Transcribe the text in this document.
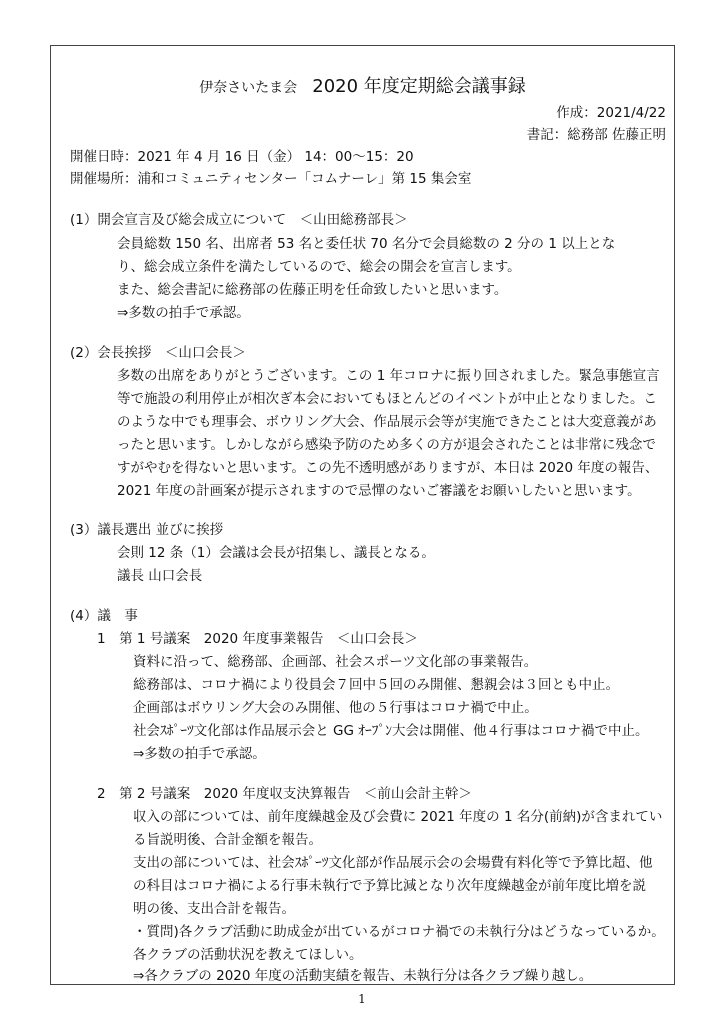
伊奈さいたま会 2020 年度定期総会議事録
作成：2021/4/22
書記：総務部 佐藤正明
開催日時：2021 年 4 月 16 日（金） 14：00～15：20
開催場所：浦和コミュニティセンター「コムナーレ」第 15 集会室
(1）開会宣言及び総会成立について　＜山田総務部長＞
会員総数 150 名、出席者 53 名と委任状 70 名分で会員総数の 2 分の 1 以上とな
り、総会成立条件を満たしているので、総会の開会を宣言します。
また、総会書記に総務部の佐藤正明を任命致したいと思います。
⇒多数の拍手で承認。
(2）会長挨拶　＜山口会長＞
多数の出席をありがとうございます。この 1 年コロナに振り回されました。緊急事態宣言
等で施設の利用停止が相次ぎ本会においてもほとんどのイベントが中止となりました。こ
のような中でも理事会、ボウリング大会、作品展示会等が実施できたことは大変意義があ
ったと思います。しかしながら感染予防のため多くの方が退会されたことは非常に残念で
すがやむを得ないと思います。この先不透明感がありますが、本日は 2020 年度の報告、
2021 年度の計画案が提示されますので忌憚のないご審議をお願いしたいと思います。
(3）議長選出 並びに挨拶
会則 12 条（1）会議は会長が招集し、議長となる。
議長 山口会長
(4）議　事
1　第 1 号議案　2020 年度事業報告　＜山口会長＞
資料に沿って、総務部、企画部、社会スポーツ文化部の事業報告。
総務部は、コロナ禍により役員会７回中５回のみ開催、懇親会は３回とも中止。
企画部はボウリング大会のみ開催、他の５行事はコロナ禍で中止。
社会ｽﾎﾟｰﾂ文化部は作品展示会と GG ｵｰﾌﾟﾝ大会は開催、他４行事はコロナ禍で中止。
⇒多数の拍手で承認。
2　第 2 号議案　2020 年度収支決算報告　＜前山会計主幹＞
収入の部については、前年度繰越金及び会費に 2021 年度の 1 名分(前納)が含まれてい
る旨説明後、合計金額を報告。
支出の部については、社会ｽﾎﾟｰﾂ文化部が作品展示会の会場費有料化等で予算比超、他
の科目はコロナ禍による行事未執行で予算比減となり次年度繰越金が前年度比増を説
明の後、支出合計を報告。
・質問)各クラブ活動に助成金が出ているがコロナ禍での未執行分はどうなっているか。
各クラブの活動状況を教えてほしい。
⇒各クラブの 2020 年度の活動実績を報告、未執行分は各クラブ繰り越し。
1
